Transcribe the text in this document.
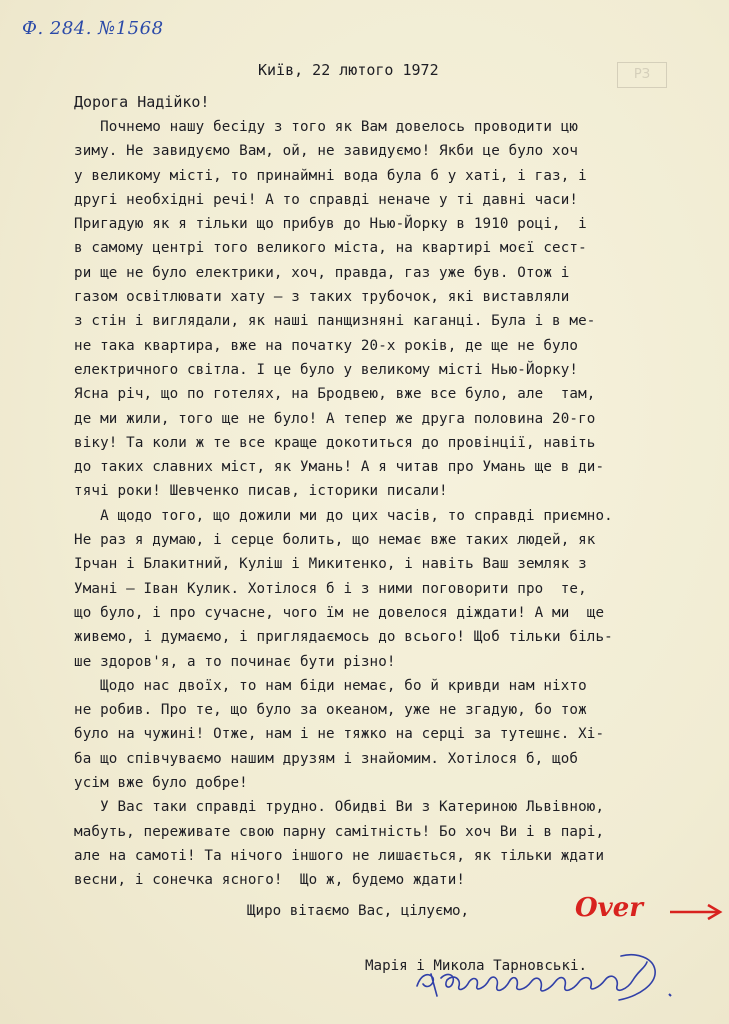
Ф. 284. №1568
РЗ
Київ, 22 лютого 1972
Дорога Надійко!
Почнемо нашу бесіду з того як Вам довелось проводити цю
зиму. Не завидуємо Вам, ой, не завидуємо! Якби це було хоч
у великому місті, то принаймні вода була б у хаті, і газ, і
другі необхідні речі! А то справді неначе у ті давні часи!
Пригадую як я тільки що прибув до Нью-Йорку в 1910 році,  і
в самому центрі того великого міста, на квартирі моєї сест-
ри ще не було електрики, хоч, правда, газ уже був. Отож і
газом освітлювати хату — з таких трубочок, які виставляли
з стін і виглядали, як наші панщизняні каганці. Була і в ме-
не така квартира, вже на початку 20-х років, де ще не було
електричного світла. І це було у великому місті Нью-Йорку!
Ясна річ, що по готелях, на Бродвею, вже все було, але  там,
де ми жили, того ще не було! А тепер же друга половина 20-го
віку! Та коли ж те все краще докотиться до провінції, навіть
до таких славних міст, як Умань! А я читав про Умань ще в ди-
тячі роки! Шевченко писав, історики писали!
А щодо того, що дожили ми до цих часів, то справді приємно.
Не раз я думаю, і серце болить, що немає вже таких людей, як
Ірчан і Блакитний, Куліш і Микитенко, і навіть Ваш земляк з
Умані — Іван Кулик. Хотілося б і з ними поговорити про  те,
що було, і про сучасне, чого їм не довелося діждати! А ми  ще
живемо, і думаємо, і приглядаємось до всього! Щоб тільки біль-
ше здоров'я, а то починає бути різно!
Щодо нас двоїх, то нам біди немає, бо й кривди нам ніхто
не робив. Про те, що було за океаном, уже не згадую, бо тож
було на чужині! Отже, нам і не тяжко на серці за тутешнє. Хі-
ба що співчуваємо нашим друзям і знайомим. Хотілося б, щоб
усім вже було добре!
У Вас таки справді трудно. Обидві Ви з Катериною Львівною,
мабуть, переживате свою парну самітність! Бо хоч Ви і в парі,
але на самоті! Та нічого іншого не лишається, як тільки ждати
весни, і сонечка ясного!  Що ж, будемо ждати!
Щиро вітаємо Вас, цілуємо,	Over
Марія і Микола Тарновські.
